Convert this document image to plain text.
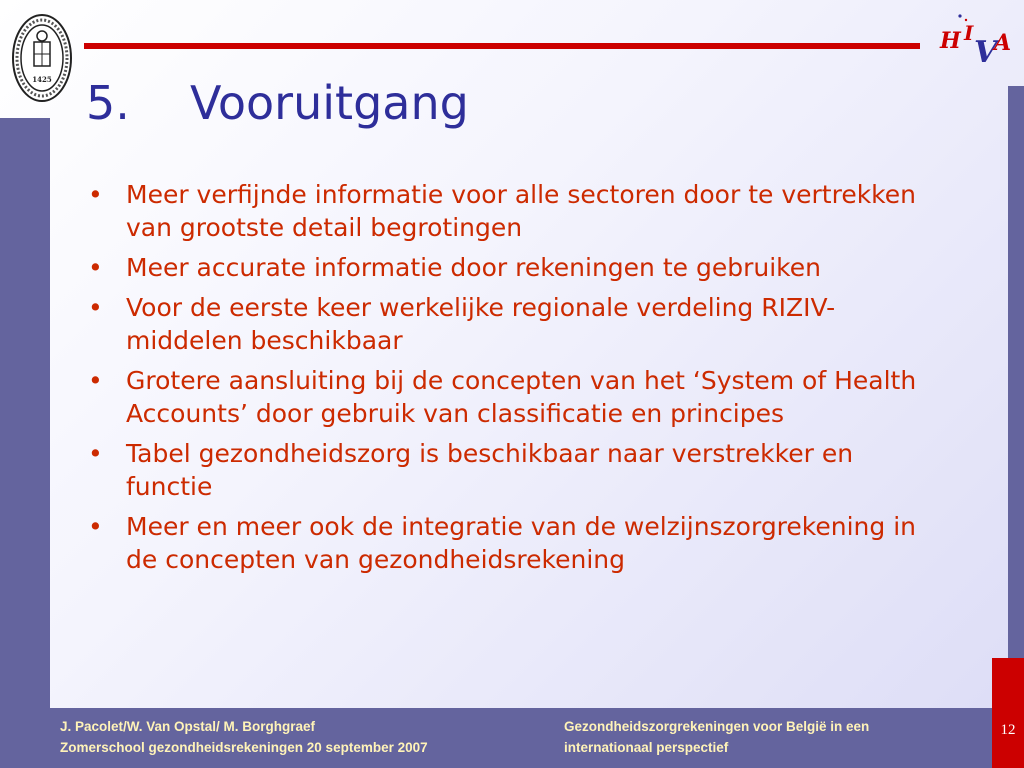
1425
H I
V
A
5. Vooruitgang
• Meer verfijnde informatie voor alle sectoren door te vertrekken van grootste detail begrotingen
• Meer accurate informatie door rekeningen te gebruiken
• Voor de eerste keer werkelijke regionale verdeling RIZIV-middelen beschikbaar
• Grotere aansluiting bij de concepten van het ‘System of Health Accounts’ door gebruik van classificatie en principes
• Tabel gezondheidszorg is beschikbaar naar verstrekker en functie
• Meer en meer ook de integratie van de welzijnszorgrekening in de concepten van gezondheidsrekening
J. Pacolet/W. Van Opstal/ M. Borghgraef
Zomerschool gezondheidsrekeningen 20 september 2007
Gezondheidszorgrekeningen voor België in een
internationaal perspectief
12
